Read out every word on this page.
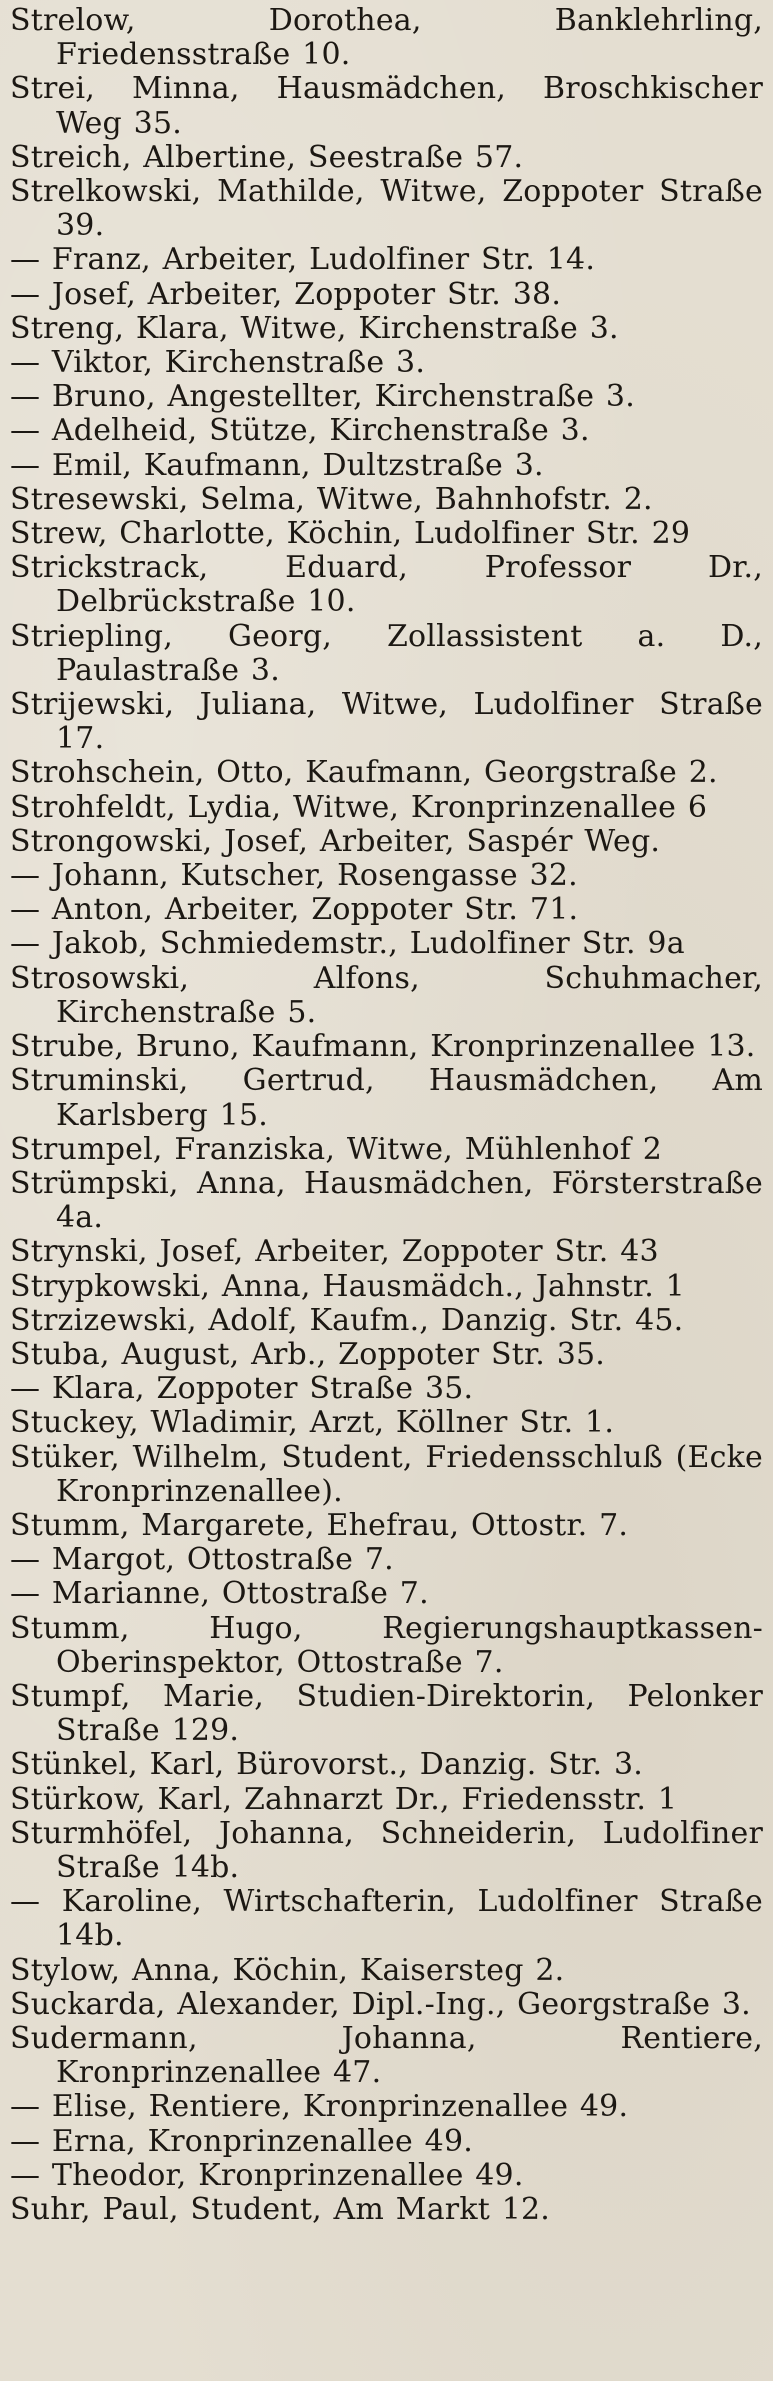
Strelow, Dorothea, Banklehrling, Friedensstraße 10.
Strei, Minna, Hausmädchen, Broschkischer Weg 35.
Streich, Albertine, Seestraße 57.
Strelkowski, Mathilde, Witwe, Zoppoter Straße 39.
— Franz, Arbeiter, Ludolfiner Str. 14.
— Josef, Arbeiter, Zoppoter Str. 38.
Streng, Klara, Witwe, Kirchenstraße 3.
— Viktor, Kirchenstraße 3.
— Bruno, Angestellter, Kirchenstraße 3.
— Adelheid, Stütze, Kirchenstraße 3.
— Emil, Kaufmann, Dultzstraße 3.
Stresewski, Selma, Witwe, Bahnhofstr. 2.
Strew, Charlotte, Köchin, Ludolfiner Str. 29
Strickstrack, Eduard, Professor Dr., Delbrückstraße 10.
Striepling, Georg, Zollassistent a. D., Paulastraße 3.
Strijewski, Juliana, Witwe, Ludolfiner Straße 17.
Strohschein, Otto, Kaufmann, Georgstraße 2.
Strohfeldt, Lydia, Witwe, Kronprinzenallee 6
Strongowski, Josef, Arbeiter, Saspér Weg.
— Johann, Kutscher, Rosengasse 32.
— Anton, Arbeiter, Zoppoter Str. 71.
— Jakob, Schmiedemstr., Ludolfiner Str. 9a
Strosowski, Alfons, Schuhmacher, Kirchenstraße 5.
Strube, Bruno, Kaufmann, Kronprinzenallee 13.
Struminski, Gertrud, Hausmädchen, Am Karlsberg 15.
Strumpel, Franziska, Witwe, Mühlenhof 2
Strümpski, Anna, Hausmädchen, Försterstraße 4a.
Strynski, Josef, Arbeiter, Zoppoter Str. 43
Strypkowski, Anna, Hausmädch., Jahnstr. 1
Strzizewski, Adolf, Kaufm., Danzig. Str. 45.
Stuba, August, Arb., Zoppoter Str. 35.
— Klara, Zoppoter Straße 35.
Stuckey, Wladimir, Arzt, Köllner Str. 1.
Stüker, Wilhelm, Student, Friedensschluß (Ecke Kronprinzenallee).
Stumm, Margarete, Ehefrau, Ottostr. 7.
— Margot, Ottostraße 7.
— Marianne, Ottostraße 7.
Stumm, Hugo, Regierungshauptkassen-Oberinspektor, Ottostraße 7.
Stumpf, Marie, Studien-Direktorin, Pelonker Straße 129.
Stünkel, Karl, Bürovorst., Danzig. Str. 3.
Stürkow, Karl, Zahnarzt Dr., Friedensstr. 1
Sturmhöfel, Johanna, Schneiderin, Ludolfiner Straße 14b.
— Karoline, Wirtschafterin, Ludolfiner Straße 14b.
Stylow, Anna, Köchin, Kaisersteg 2.
Suckarda, Alexander, Dipl.-Ing., Georgstraße 3.
Sudermann, Johanna, Rentiere, Kronprinzenallee 47.
— Elise, Rentiere, Kronprinzenallee 49.
— Erna, Kronprinzenallee 49.
— Theodor, Kronprinzenallee 49.
Suhr, Paul, Student, Am Markt 12.
